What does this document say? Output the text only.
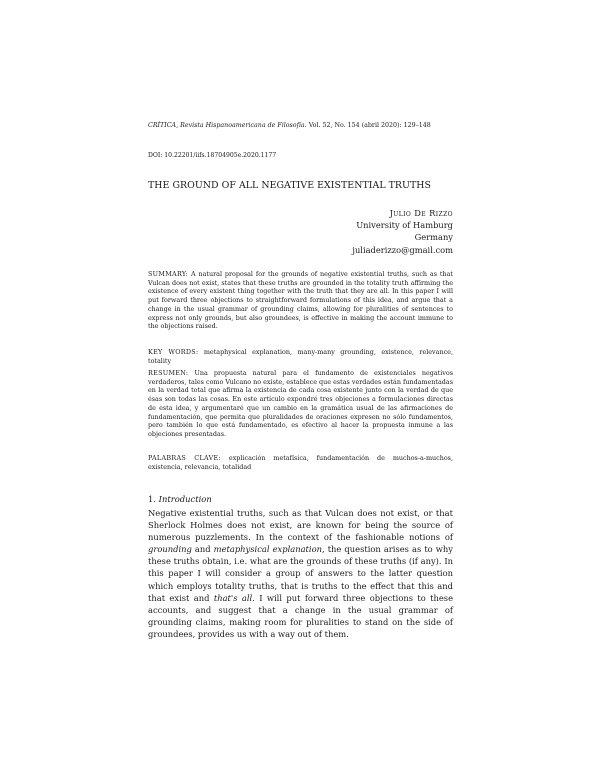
CRÍTICA, Revista Hispanoamericana de Filosofía. Vol. 52, No. 154 (abril 2020): 129–148
DOI: 10.22201/iifs.18704905e.2020.1177
THE GROUND OF ALL NEGATIVE EXISTENTIAL TRUTHS
Julio De Rizzo
University of Hamburg
Germany
juliaderizzo@gmail.com
SUMMARY: A natural proposal for the grounds of negative existential truths, such as that Vulcan does not exist, states that these truths are grounded in the totality truth affirming the existence of every existent thing together with the truth that they are all. In this paper I will put forward three objections to straightforward formulations of this idea, and argue that a change in the usual grammar of grounding claims, allowing for pluralities of sentences to express not only grounds, but also groundees, is effective in making the account immune to the objections raised.
KEY WORDS: metaphysical explanation, many-many grounding, existence, relevance, totality
RESUMEN: Una propuesta natural para el fundamento de existenciales negativos verdaderos, tales como Vulcano no existe, establece que estas verdades están fundamentadas en la verdad total que afirma la existencia de cada cosa existente junto con la verdad de que ésas son todas las cosas. En este artículo expondré tres objeciones a formulaciones directas de esta idea, y argumentaré que un cambio en la gramática usual de las afirmaciones de fundamentación, que permita que pluralidades de oraciones expresen no sólo fundamentos, pero también lo que está fundamentado, es efectivo al hacer la propuesta inmune a las objeciones presentadas.
PALABRAS CLAVE: explicación metafísica, fundamentación de muchos-a-muchos, existencia, relevancia, totalidad
1. Introduction
Negative existential truths, such as that Vulcan does not exist, or that Sherlock Holmes does not exist, are known for being the source of numerous puzzlements. In the context of the fashionable notions of grounding and metaphysical explanation, the question arises as to why these truths obtain, i.e. what are the grounds of these truths (if any). In this paper I will consider a group of answers to the latter question which employs totality truths, that is truths to the effect that this and that exist and that's all. I will put forward three objections to these accounts, and suggest that a change in the usual grammar of grounding claims, making room for pluralities to stand on the side of groundees, provides us with a way out of them.
